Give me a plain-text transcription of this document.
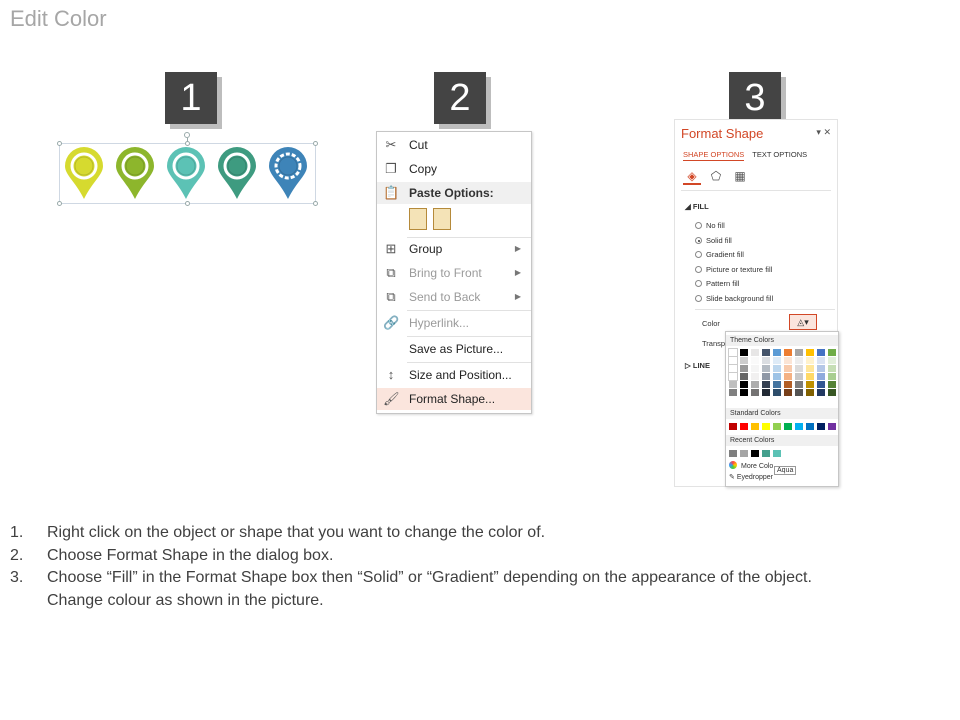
Edit Color
1	2	3
✂ Cut
❐ Copy
📋 Paste Options:
⊞ Group	▶
⧉ Bring to Front	▶
⧉ Send to Back	▶
🔗 Hyperlink...
Save as Picture...
↕	Size and Position...
🖌 Format Shape...
Format Shape	▾ ✕
SHAPE OPTIONS TEXT OPTIONS
◈ ⬠ ▦
◢ FILL
No fill
Solid fill
Gradient fill
Picture or texture fill
Pattern fill
Slide background fill
Color	◬▾
Transp
▷ LINE
Theme Colors
Standard Colors
Recent Colors
More Colo
✎ Eyedropper
Aqua
1. Right click on the object or shape that you want to change the color of.
2. Choose Format Shape in the dialog box.
3. Choose “Fill” in the Format Shape box then “Solid” or “Gradient” depending on the appearance of the object.
Change colour as shown in the picture.
